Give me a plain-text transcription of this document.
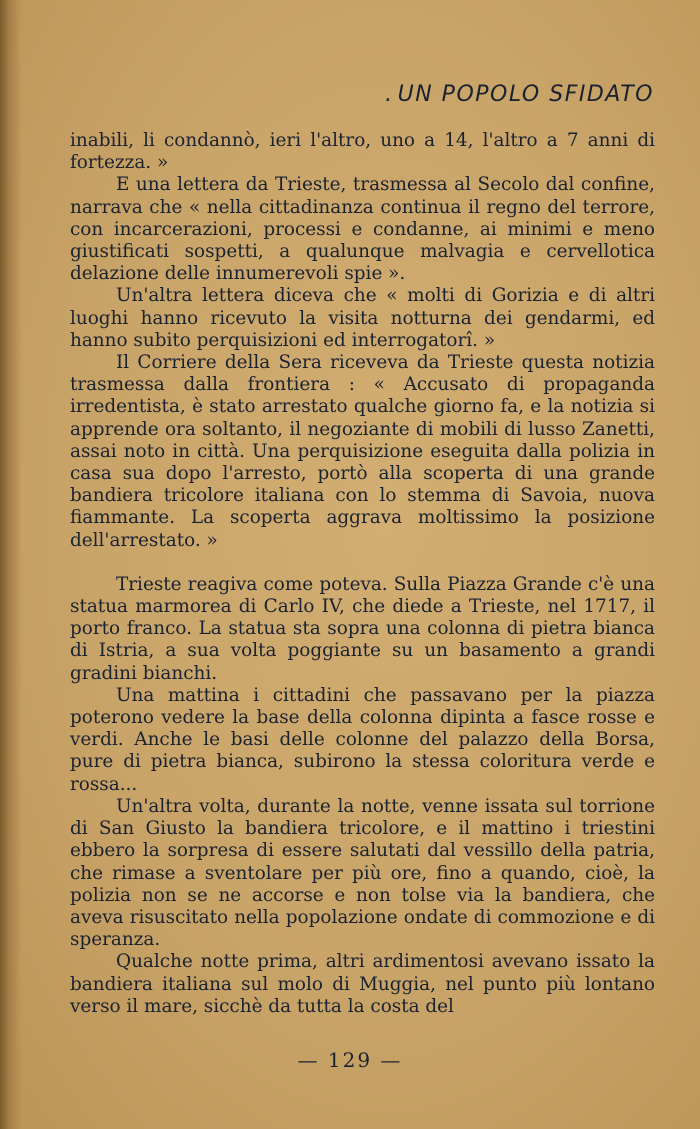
. UN POPOLO SFIDATO

inabili, li condannò, ieri l'altro, uno a 14, l'altro a 7 anni di fortezza. »

E una lettera da Trieste, trasmessa al Secolo dal confine, narrava che « nella cittadinanza continua il regno del terrore, con incarcerazioni, processi e condanne, ai minimi e meno giustificati sospetti, a qualunque malvagia e cervellotica delazione delle innumerevoli spie ».

Un'altra lettera diceva che « molti di Gorizia e di altri luoghi hanno ricevuto la visita notturna dei gendarmi, ed hanno subito perquisizioni ed interrogatorî. »

Il Corriere della Sera riceveva da Trieste questa notizia trasmessa dalla frontiera : « Accusato di propaganda irredentista, è stato arrestato qualche giorno fa, e la notizia si apprende ora soltanto, il negoziante di mobili di lusso Zanetti, assai noto in città. Una perquisizione eseguita dalla polizia in casa sua dopo l'arresto, portò alla scoperta di una grande bandiera tricolore italiana con lo stemma di Savoia, nuova fiammante. La scoperta aggrava moltissimo la posizione dell'arrestato. »

Trieste reagiva come poteva. Sulla Piazza Grande c'è una statua marmorea di Carlo IV, che diede a Trieste, nel 1717, il porto franco. La statua sta sopra una colonna di pietra bianca di Istria, a sua volta poggiante su un basamento a grandi gradini bianchi.

Una mattina i cittadini che passavano per la piazza poterono vedere la base della colonna dipinta a fasce rosse e verdi. Anche le basi delle colonne del palazzo della Borsa, pure di pietra bianca, subirono la stessa coloritura verde e rossa...

Un'altra volta, durante la notte, venne issata sul torrione di San Giusto la bandiera tricolore, e il mattino i triestini ebbero la sorpresa di essere salutati dal vessillo della patria, che rimase a sventolare per più ore, fino a quando, cioè, la polizia non se ne accorse e non tolse via la bandiera, che aveva risuscitato nella popolazione ondate di commozione e di speranza.

Qualche notte prima, altri ardimentosi avevano issato la bandiera italiana sul molo di Muggia, nel punto più lontano verso il mare, sicchè da tutta la costa del

— 129 —
